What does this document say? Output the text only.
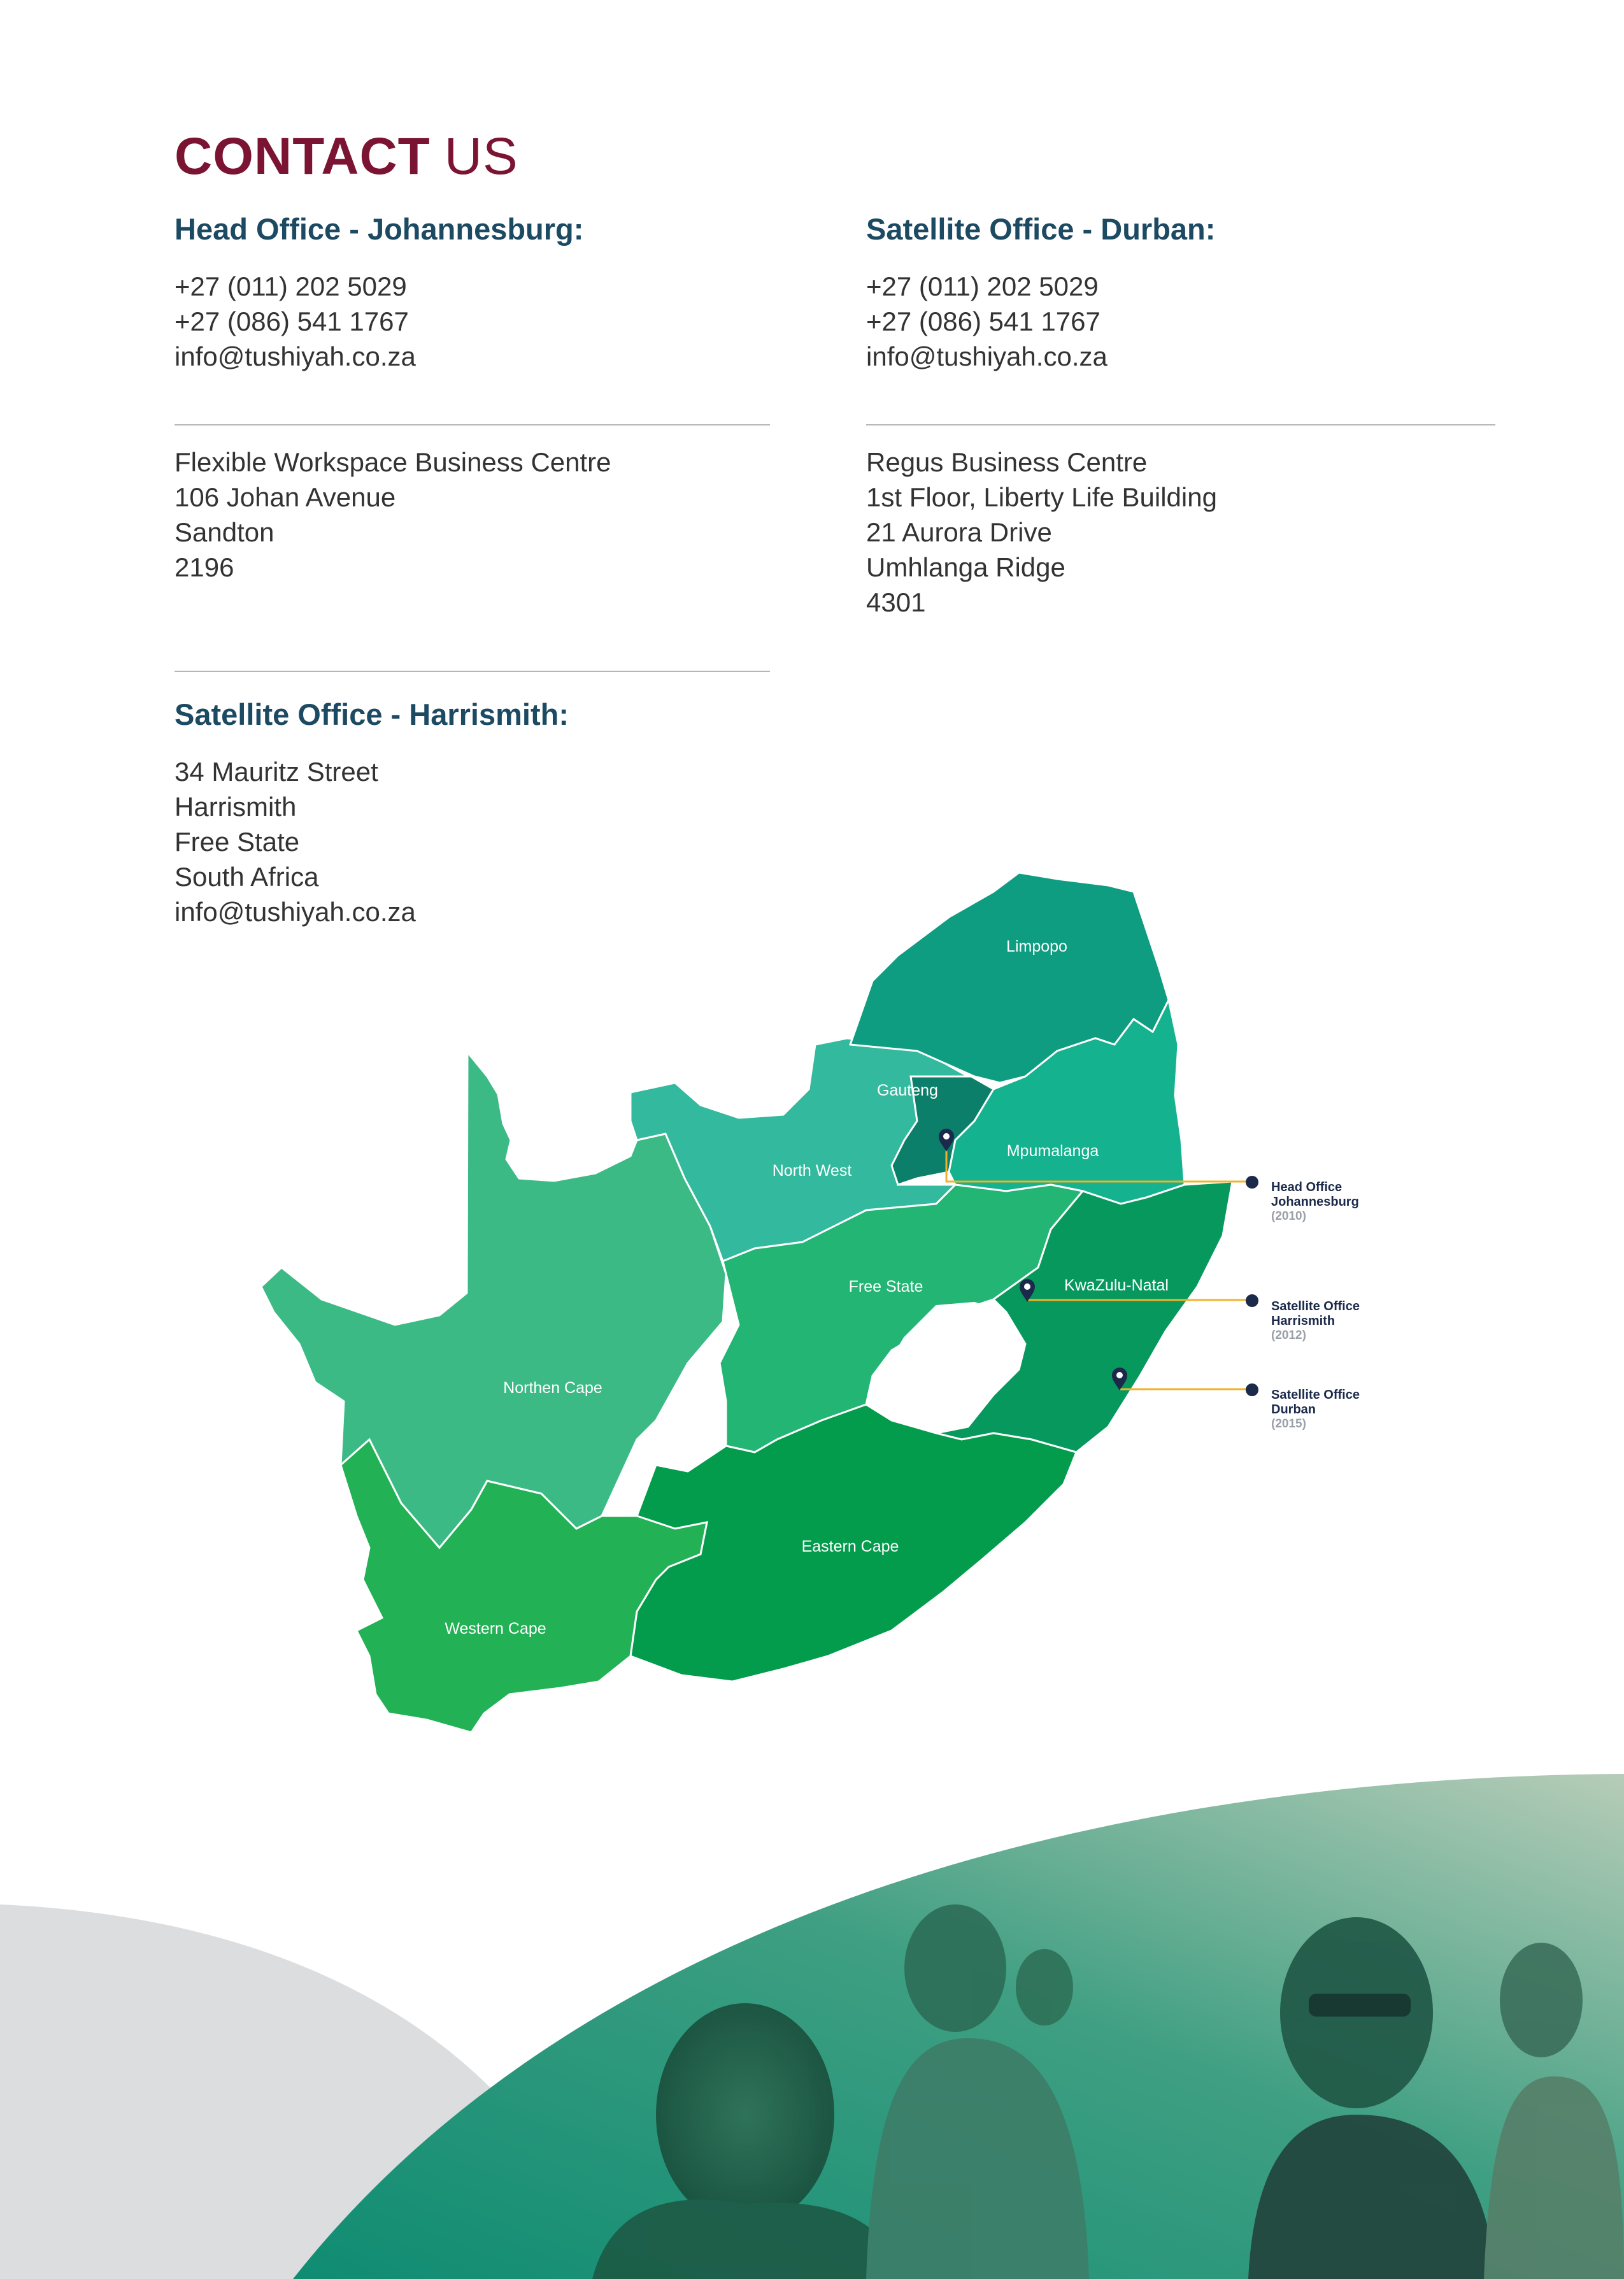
CONTACT US
Head Office - Johannesburg:
+27 (011) 202 5029
+27 (086) 541 1767
info@tushiyah.co.za
Flexible Workspace Business Centre
106 Johan Avenue
Sandton
2196
Satellite Office - Durban:
+27 (011) 202 5029
+27 (086) 541 1767
info@tushiyah.co.za
Regus Business Centre
1st Floor, Liberty Life Building
21 Aurora Drive
Umhlanga Ridge
4301
Satellite Office - Harrismith:
34 Mauritz Street
Harrismith
Free State
South Africa
info@tushiyah.co.za
Limpopo
Gauteng
Mpumalanga
North West
Free State	KwaZulu-Natal
Northen Cape
Eastern Cape
Western Cape
Head Office
Johannesburg
(2010)
Satellite Office
Harrismith
(2012)
Satellite Office
Durban
(2015)
